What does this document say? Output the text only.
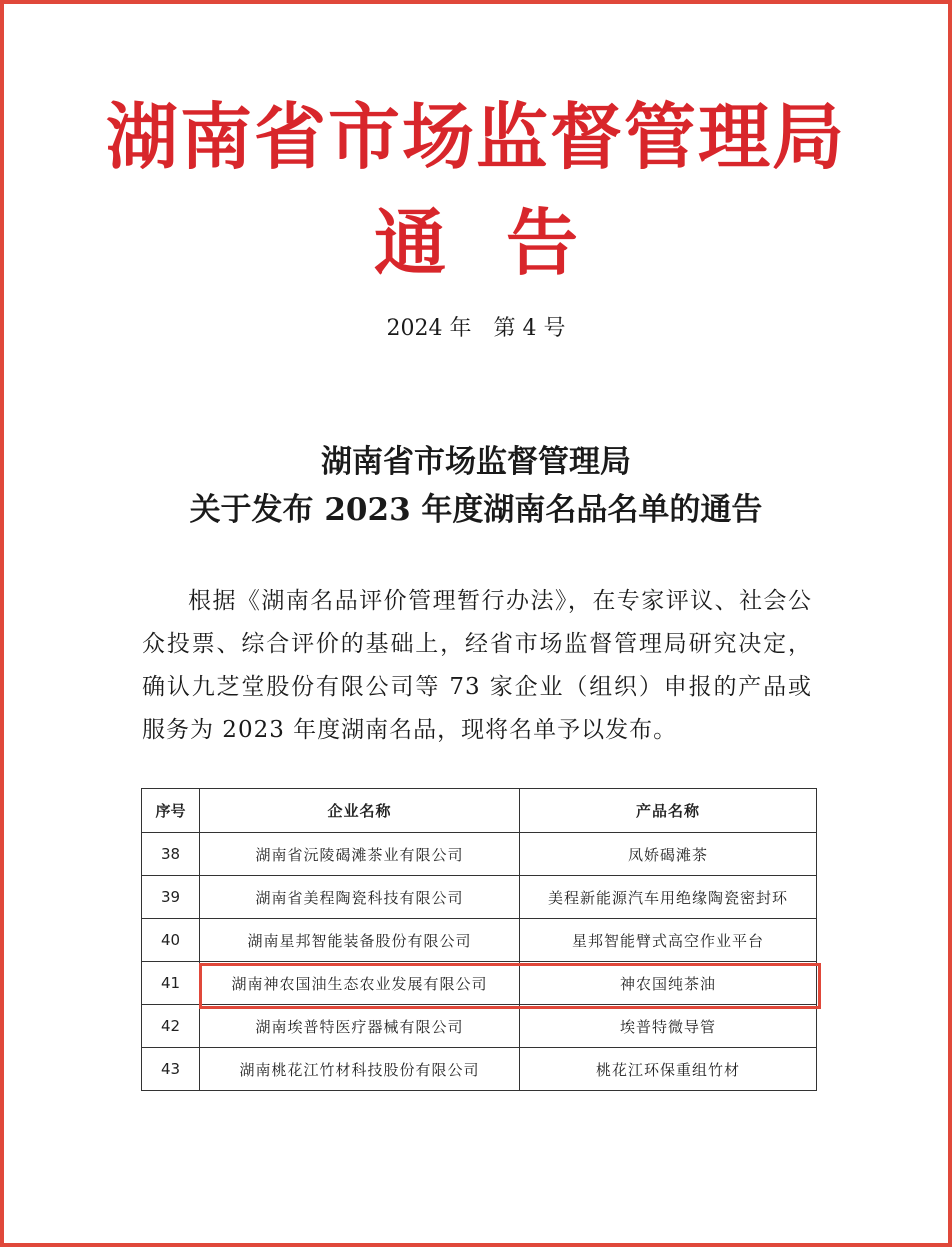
湖南省市场监督管理局
通告
2024 年　第 4 号
湖南省市场监督管理局
关于发布 2023 年度湖南名品名单的通告
根据《湖南名品评价管理暂行办法》，在专家评议、社会公众投票、综合评价的基础上，经省市场监督管理局研究决定，确认九芝堂股份有限公司等 73 家企业（组织）申报的产品或服务为 2023 年度湖南名品，现将名单予以发布。
序号	企业名称	产品名称
38	湖南省沅陵碣滩茶业有限公司	凤娇碣滩茶
39	湖南省美程陶瓷科技有限公司	美程新能源汽车用绝缘陶瓷密封环
40	湖南星邦智能装备股份有限公司	星邦智能臂式高空作业平台
41	湖南神农国油生态农业发展有限公司	神农国纯茶油
42	湖南埃普特医疗器械有限公司	埃普特微导管
43	湖南桃花江竹材科技股份有限公司	桃花江环保重组竹材
